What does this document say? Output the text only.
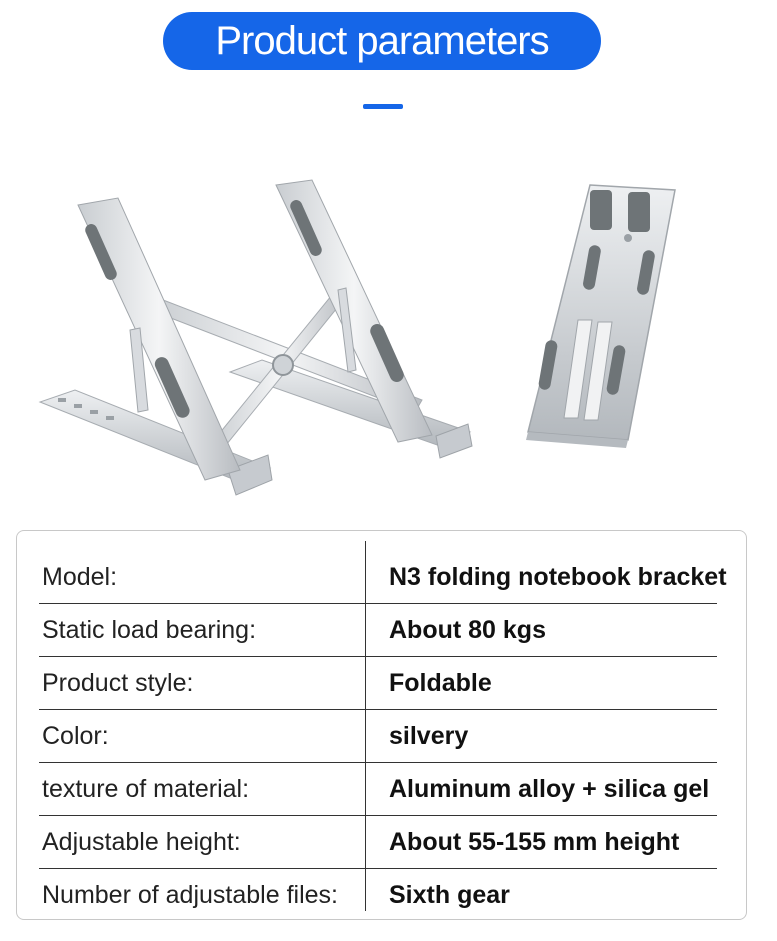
Product parameters
Model:	N3 folding notebook bracket
Static load bearing:	About 80 kgs
Product style:	Foldable
Color:	silvery
texture of material:	Aluminum alloy + silica gel
Adjustable height:	About 55-155 mm height
Number of adjustable files: Sixth gear
